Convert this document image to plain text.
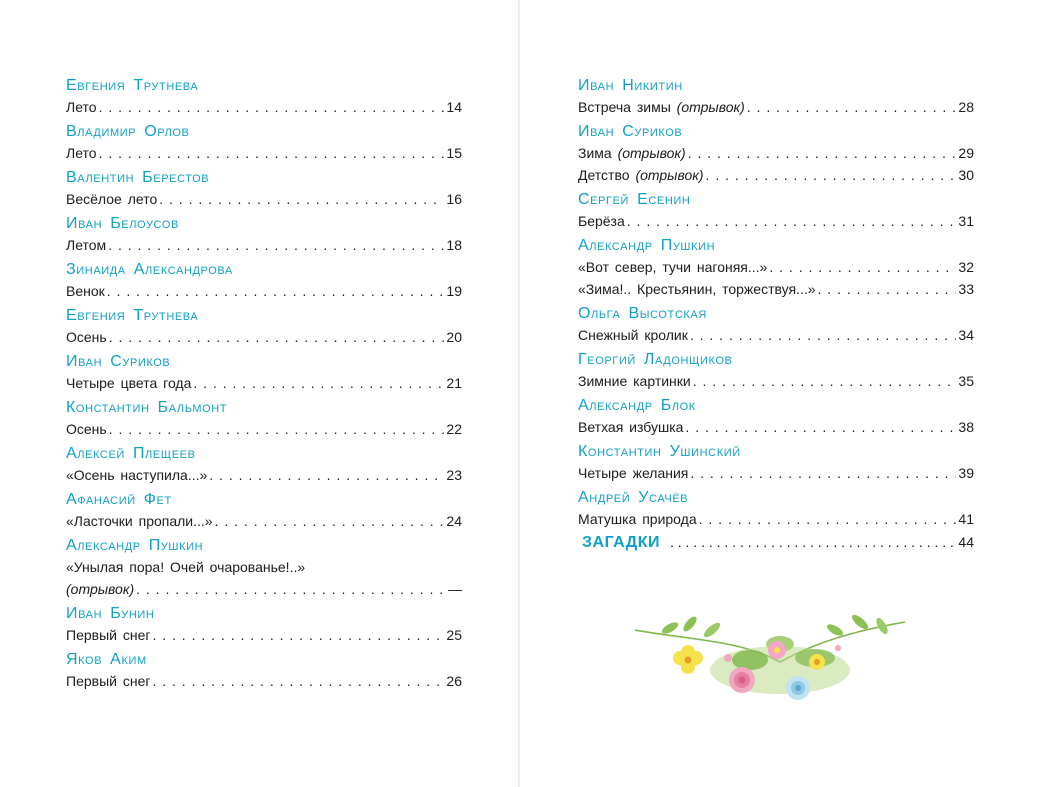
Евгения Трутнева
Лето . . .	14
Владимир Орлов
Лето . . .	15
Валентин Берестов
Весёлое лето . . .	16
Иван Белоусов
Летом . . .	18
Зинаида Александрова
Венок . . .	19
Евгения Трутнева
Осень . . .	20
Иван Суриков
Четыре цвета года . . .	21
Константин Бальмонт
Осень . . .	22
Алексей Плещеев
«Осень наступила...» . . .	23
Афанасий Фет
«Ласточки пропали...» . . .	24
Александр Пушкин
«Унылая пора! Очей очарованье!..»
(отрывок) . . .	—
Иван Бунин
Первый снег . . .	25
Яков Аким
Первый снег . . .	26
Иван Никитин
Встреча зимы (отрывок) . . .	28
Иван Суриков
Зима (отрывок) . . .	29
Детство (отрывок) . . .	30
Сергей Есенин
Берёза . . .	31
Александр Пушкин
«Вот север, тучи нагоняя...» . . .	32
«Зима!.. Крестьянин, торжествуя...» . . .	33
Ольга Высотская
Снежный кролик . . .	34
Георгий Ладонщиков
Зимние картинки . . .	35
Александр Блок
Ветхая избушка . . .	38
Константин Ушинский
Четыре желания . . .	39
Андрей Усачёв
Матушка природа . . .	41
ЗАГАДКИ . . .	44
